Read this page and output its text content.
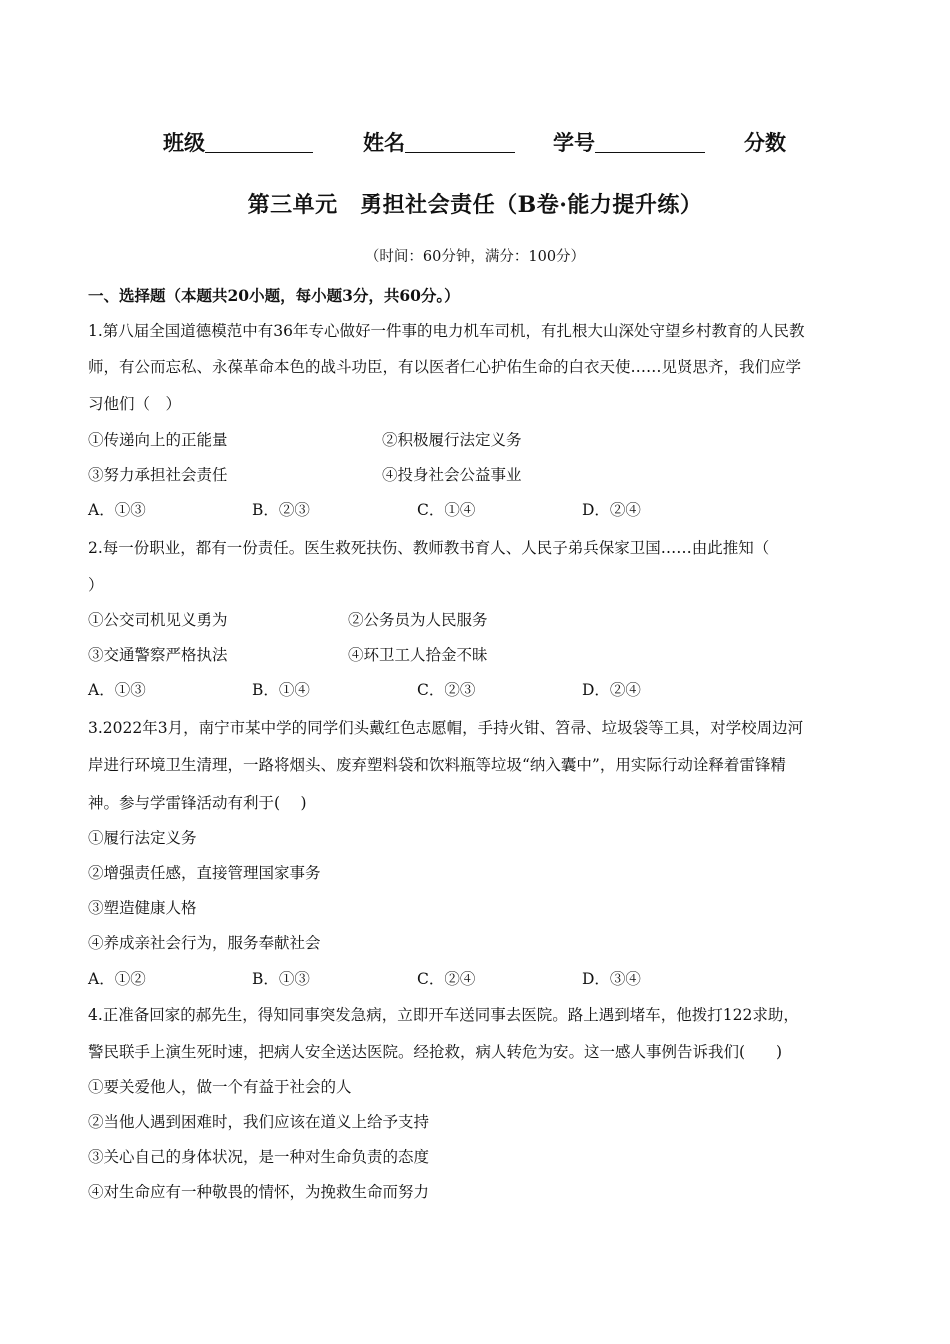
班级	姓名	学号	分数
第三单元　勇担社会责任（B卷·能力提升练）
（时间：60分钟，满分：100分）
一、选择题（本题共20小题，每小题3分，共60分。）
1.第八届全国道德模范中有36年专心做好一件事的电力机车司机，有扎根大山深处守望乡村教育的人民教
师，有公而忘私、永葆革命本色的战斗功臣，有以医者仁心护佑生命的白衣天使……见贤思齐，我们应学
习他们（　）
①传递向上的正能量	②积极履行法定义务
③努力承担社会责任	④投身社会公益事业
A．①③	B．②③	C．①④	D．②④
2.每一份职业，都有一份责任。医生救死扶伤、教师教书育人、人民子弟兵保家卫国……由此推知（
）
①公交司机见义勇为	②公务员为人民服务
③交通警察严格执法	④环卫工人拾金不昧
A．①③	B．①④	C．②③	D．②④
3.2022年3月，南宁市某中学的同学们头戴红色志愿帽，手持火钳、笤帚、垃圾袋等工具，对学校周边河
岸进行环境卫生清理，一路将烟头、废弃塑料袋和饮料瓶等垃圾“纳入囊中”，用实际行动诠释着雷锋精
神。参与学雷锋活动有利于(　 )
①履行法定义务
②增强责任感，直接管理国家事务
③塑造健康人格
④养成亲社会行为，服务奉献社会
A．①②	B．①③	C．②④	D．③④
4.正准备回家的郝先生，得知同事突发急病，立即开车送同事去医院。路上遇到堵车，他拨打122求助，
警民联手上演生死时速，把病人安全送达医院。经抢救，病人转危为安。这一感人事例告诉我们(　　)
①要关爱他人，做一个有益于社会的人
②当他人遇到困难时，我们应该在道义上给予支持
③关心自己的身体状况，是一种对生命负责的态度
④对生命应有一种敬畏的情怀，为挽救生命而努力
